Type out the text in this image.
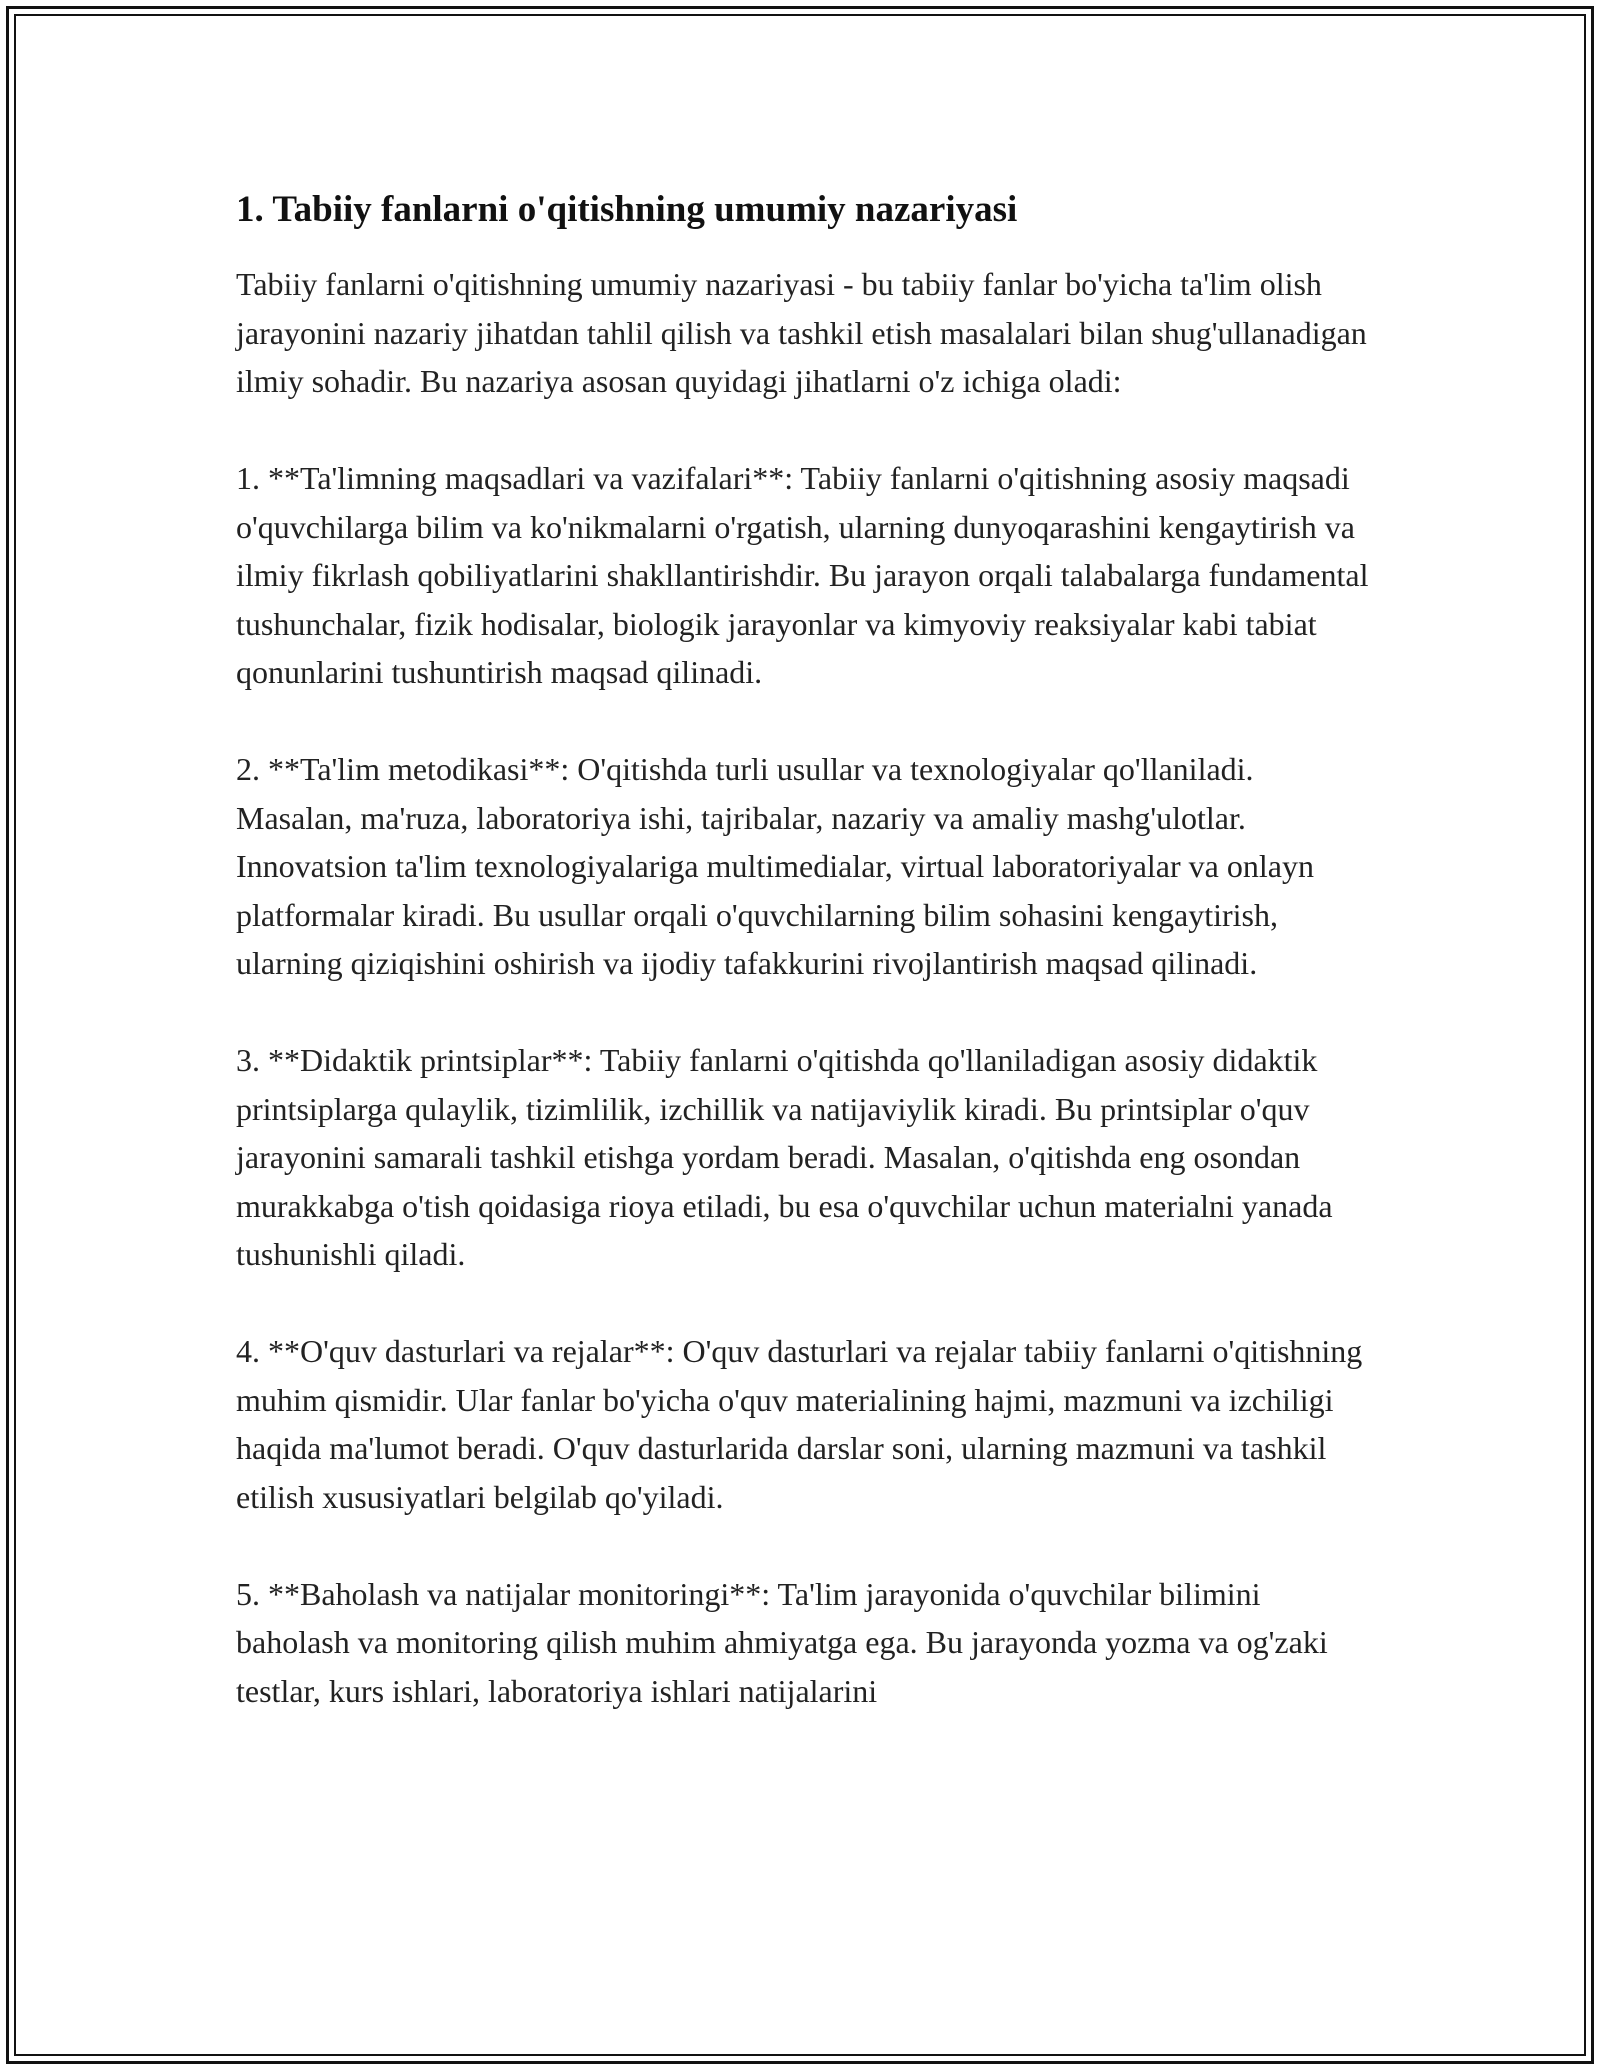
1. Tabiiy fanlarni o'qitishning umumiy nazariyasi

Tabiiy fanlarni o'qitishning umumiy nazariyasi - bu tabiiy fanlar bo'yicha ta'lim olish jarayonini nazariy jihatdan tahlil qilish va tashkil etish masalalari bilan shug'ullanadigan ilmiy sohadir. Bu nazariya asosan quyidagi jihatlarni o'z ichiga oladi:

1. **Ta'limning maqsadlari va vazifalari**: Tabiiy fanlarni o'qitishning asosiy maqsadi o'quvchilarga bilim va ko'nikmalarni o'rgatish, ularning dunyoqarashini kengaytirish va ilmiy fikrlash qobiliyatlarini shakllantirishdir. Bu jarayon orqali talabalarga fundamental tushunchalar, fizik hodisalar, biologik jarayonlar va kimyoviy reaksiyalar kabi tabiat qonunlarini tushuntirish maqsad qilinadi.

2. **Ta'lim metodikasi**: O'qitishda turli usullar va texnologiyalar qo'llaniladi. Masalan, ma'ruza, laboratoriya ishi, tajribalar, nazariy va amaliy mashg'ulotlar. Innovatsion ta'lim texnologiyalariga multimedialar, virtual laboratoriyalar va onlayn platformalar kiradi. Bu usullar orqali o'quvchilarning bilim sohasini kengaytirish, ularning qiziqishini oshirish va ijodiy tafakkurini rivojlantirish maqsad qilinadi.

3. **Didaktik printsiplar**: Tabiiy fanlarni o'qitishda qo'llaniladigan asosiy didaktik printsiplarga qulaylik, tizimlilik, izchillik va natijaviylik kiradi. Bu printsiplar o'quv jarayonini samarali tashkil etishga yordam beradi. Masalan, o'qitishda eng osondan murakkabga o'tish qoidasiga rioya etiladi, bu esa o'quvchilar uchun materialni yanada tushunishli qiladi.

4. **O'quv dasturlari va rejalar**: O'quv dasturlari va rejalar tabiiy fanlarni o'qitishning muhim qismidir. Ular fanlar bo'yicha o'quv materialining hajmi, mazmuni va izchiligi haqida ma'lumot beradi. O'quv dasturlarida darslar soni, ularning mazmuni va tashkil etilish xususiyatlari belgilab qo'yiladi.

5. **Baholash va natijalar monitoringi**: Ta'lim jarayonida o'quvchilar bilimini baholash va monitoring qilish muhim ahmiyatga ega. Bu jarayonda yozma va og'zaki testlar, kurs ishlari, laboratoriya ishlari natijalarini
